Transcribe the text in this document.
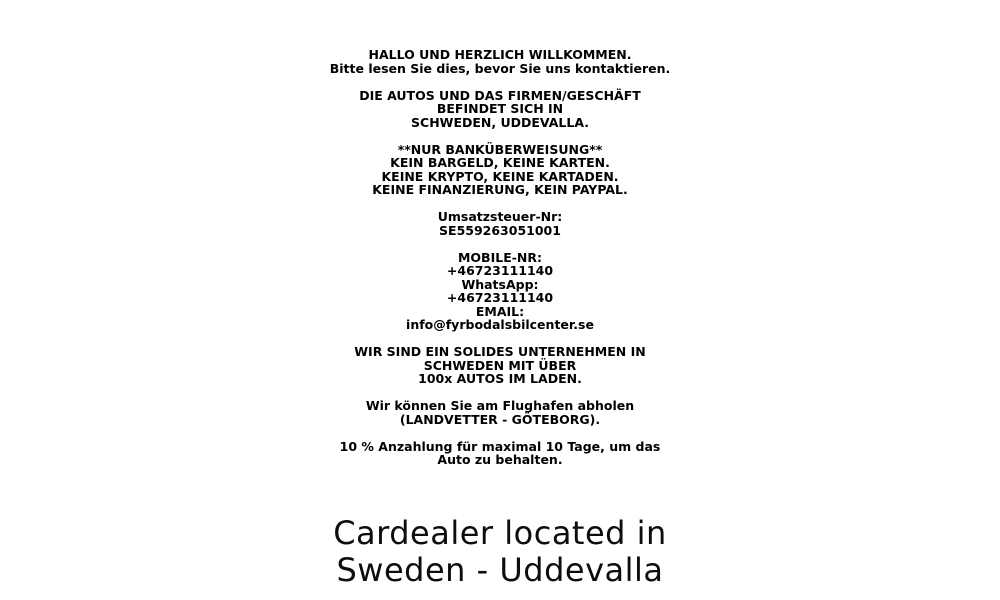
HALLO UND HERZLICH WILLKOMMEN.
Bitte lesen Sie dies, bevor Sie uns kontaktieren.

DIE AUTOS UND DAS FIRMEN/GESCHÄFT
BEFINDET SICH IN
SCHWEDEN, UDDEVALLA.

**NUR BANKÜBERWEISUNG**
KEIN BARGELD, KEINE KARTEN.
KEINE KRYPTO, KEINE KARTADEN.
KEINE FINANZIERUNG, KEIN PAYPAL.

Umsatzsteuer-Nr:
SE559263051001

MOBILE-NR:
+46723111140
WhatsApp:
+46723111140
EMAIL:
info@fyrbodalsbilcenter.se

WIR SIND EIN SOLIDES UNTERNEHMEN IN
SCHWEDEN MIT ÜBER
100x AUTOS IM LADEN.

Wir können Sie am Flughafen abholen
(LANDVETTER - GÖTEBORG).

10 % Anzahlung für maximal 10 Tage, um das
Auto zu behalten.

Cardealer located in
Sweden - Uddevalla
